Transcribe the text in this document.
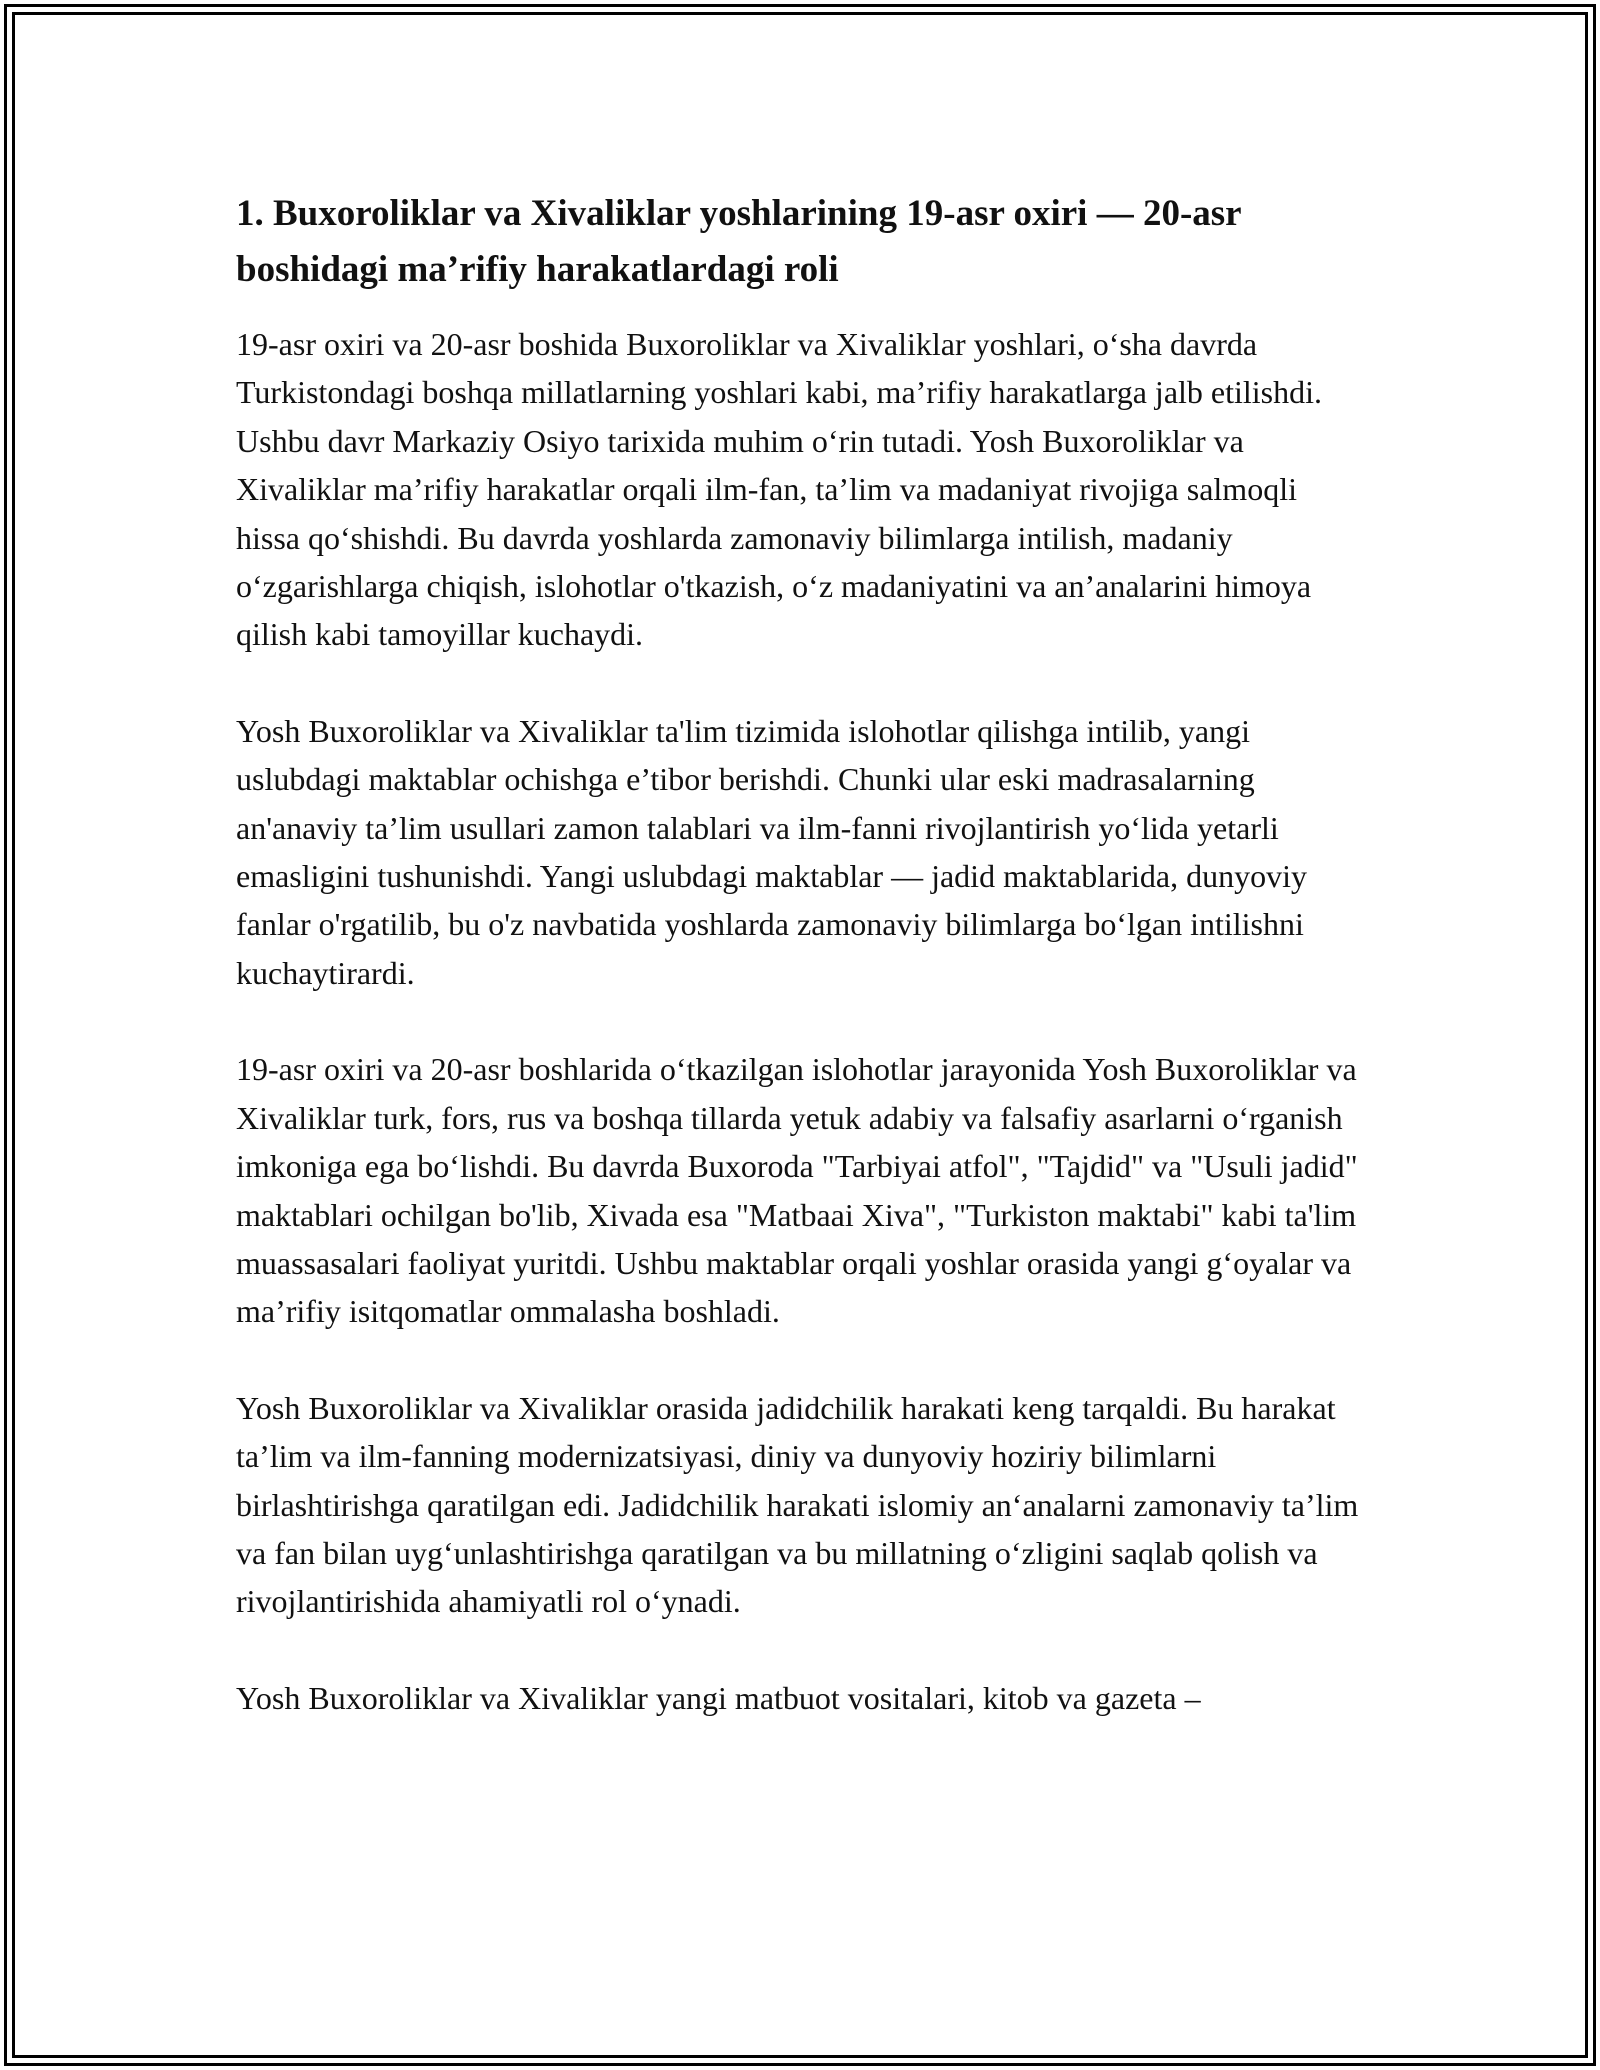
1. Buxoroliklar va Xivaliklar yoshlarining 19-asr oxiri — 20-asr boshidagi ma’rifiy harakatlardagi roli

19-asr oxiri va 20-asr boshida Buxoroliklar va Xivaliklar yoshlari, o‘sha davrda Turkistondagi boshqa millatlarning yoshlari kabi, ma’rifiy harakatlarga jalb etilishdi. Ushbu davr Markaziy Osiyo tarixida muhim o‘rin tutadi. Yosh Buxoroliklar va Xivaliklar ma’rifiy harakatlar orqali ilm-fan, ta’lim va madaniyat rivojiga salmoqli hissa qo‘shishdi. Bu davrda yoshlarda zamonaviy bilimlarga intilish, madaniy o‘zgarishlarga chiqish, islohotlar o'tkazish, o‘z madaniyatini va an’analarini himoya qilish kabi tamoyillar kuchaydi.

Yosh Buxoroliklar va Xivaliklar ta'lim tizimida islohotlar qilishga intilib, yangi uslubdagi maktablar ochishga e’tibor berishdi. Chunki ular eski madrasalarning an'anaviy ta’lim usullari zamon talablari va ilm-fanni rivojlantirish yo‘lida yetarli emasligini tushunishdi. Yangi uslubdagi maktablar — jadid maktablarida, dunyoviy fanlar o'rgatilib, bu o'z navbatida yoshlarda zamonaviy bilimlarga bo‘lgan intilishni kuchaytirardi.

19-asr oxiri va 20-asr boshlarida o‘tkazilgan islohotlar jarayonida Yosh Buxoroliklar va Xivaliklar turk, fors, rus va boshqa tillarda yetuk adabiy va falsafiy asarlarni o‘rganish imkoniga ega bo‘lishdi. Bu davrda Buxoroda "Tarbiyai atfol", "Tajdid" va "Usuli jadid" maktablari ochilgan bo'lib, Xivada esa "Matbaai Xiva", "Turkiston maktabi" kabi ta'lim muassasalari faoliyat yuritdi. Ushbu maktablar orqali yoshlar orasida yangi g‘oyalar va ma’rifiy isitqomatlar ommalasha boshladi.

Yosh Buxoroliklar va Xivaliklar orasida jadidchilik harakati keng tarqaldi. Bu harakat ta’lim va ilm-fanning modernizatsiyasi, diniy va dunyoviy hoziriy bilimlarni birlashtirishga qaratilgan edi. Jadidchilik harakati islomiy an‘analarni zamonaviy ta’lim va fan bilan uyg‘unlashtirishga qaratilgan va bu millatning o‘zligini saqlab qolish va rivojlantirishida ahamiyatli rol o‘ynadi.

Yosh Buxoroliklar va Xivaliklar yangi matbuot vositalari, kitob va gazeta –
